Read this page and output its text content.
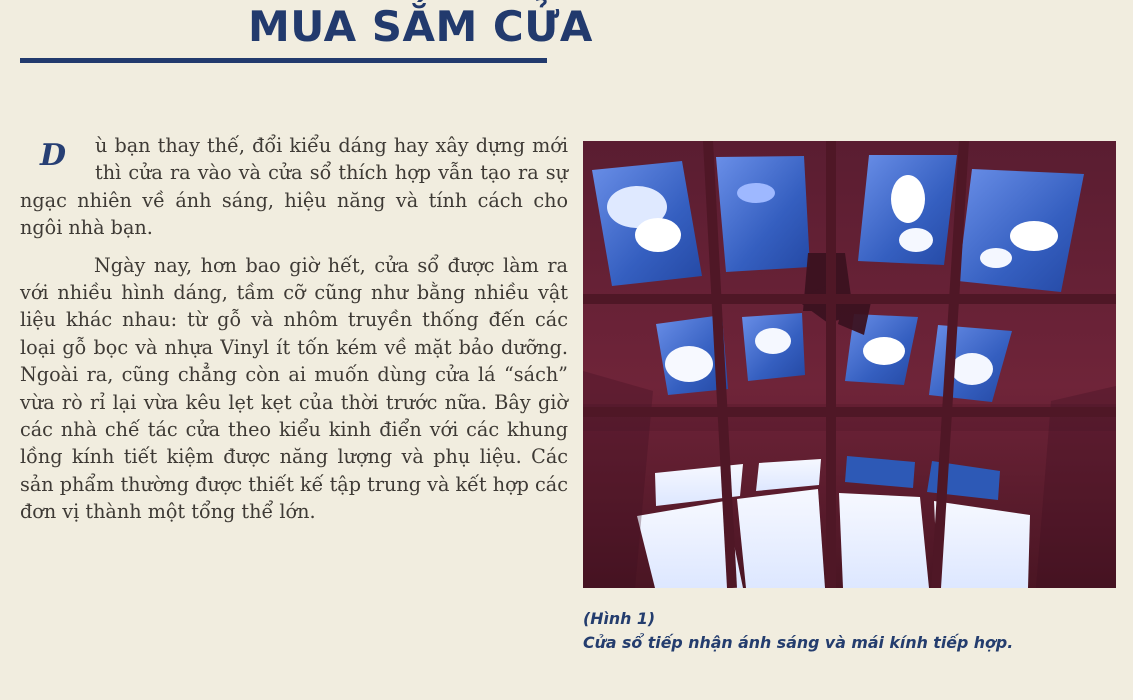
MUA SẮM CỬA
D	ù bạn thay thế, đổi kiểu dáng hay xây dựng mới thì cửa ra vào và cửa sổ thích hợp vẫn tạo ra sự ngạc nhiên về ánh sáng, hiệu năng và tính cách cho ngôi nhà bạn.

Ngày nay, hơn bao giờ hết, cửa sổ được làm ra với nhiều hình dáng, tầm cỡ cũng như bằng nhiều vật liệu khác nhau: từ gỗ và nhôm truyền thống đến các loại gỗ bọc và nhựa Vinyl ít tốn kém về mặt bảo dưỡng. Ngoài ra, cũng chẳng còn ai muốn dùng cửa lá “sách” vừa rò rỉ lại vừa kêu lẹt kẹt của thời trước nữa. Bây giờ các nhà chế tác cửa theo kiểu kinh điển với các khung lồng kính tiết kiệm được năng lượng và phụ liệu. Các sản phẩm thường được thiết kế tập trung và kết hợp các đơn vị thành một tổng thể lớn.

(Hình 1)
Cửa sổ tiếp nhận ánh sáng và mái kính tiếp hợp.
